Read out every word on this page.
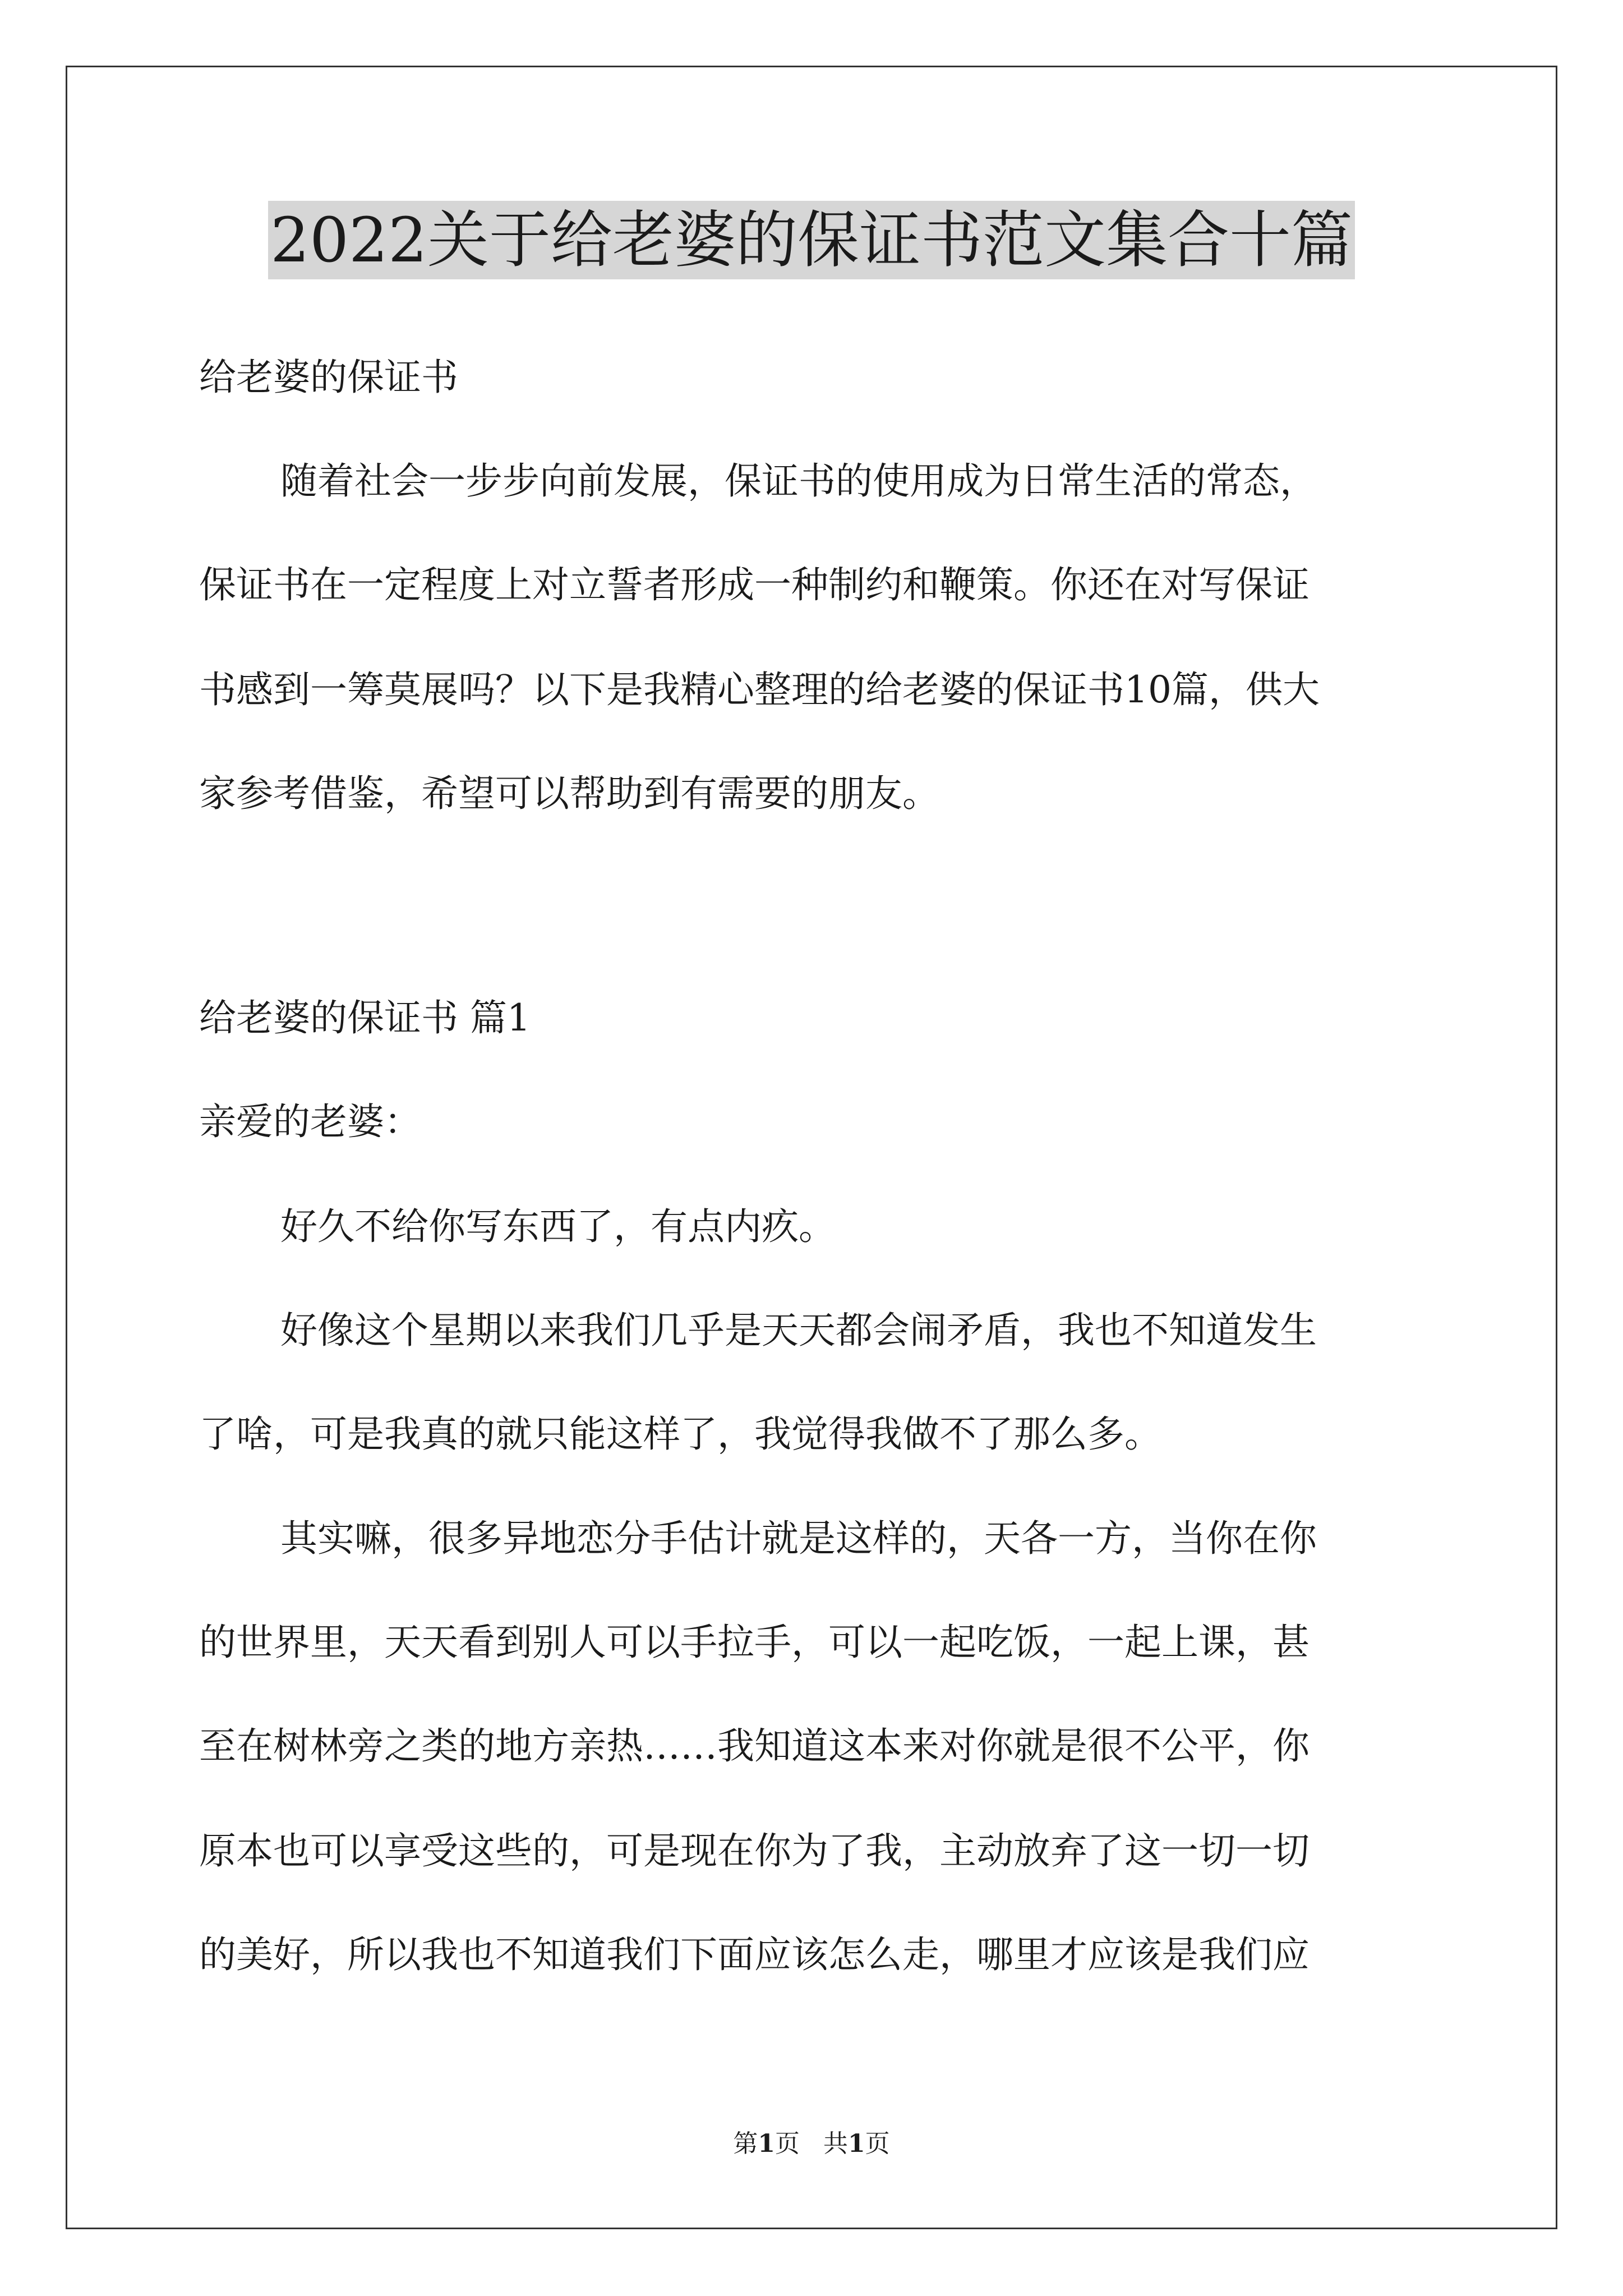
2022关于给老婆的保证书范文集合十篇

给老婆的保证书

随着社会一步步向前发展，保证书的使用成为日常生活的常态，

保证书在一定程度上对立誓者形成一种制约和鞭策。你还在对写保证

书感到一筹莫展吗？以下是我精心整理的给老婆的保证书10篇，供大

家参考借鉴，希望可以帮助到有需要的朋友。

给老婆的保证书 篇1

亲爱的老婆：

好久不给你写东西了，有点内疚。

好像这个星期以来我们几乎是天天都会闹矛盾，我也不知道发生

了啥，可是我真的就只能这样了，我觉得我做不了那么多。

其实嘛，很多异地恋分手估计就是这样的，天各一方，当你在你

的世界里，天天看到别人可以手拉手，可以一起吃饭，一起上课，甚

至在树林旁之类的地方亲热……我知道这本来对你就是很不公平，你

原本也可以享受这些的，可是现在你为了我，主动放弃了这一切一切

的美好，所以我也不知道我们下面应该怎么走，哪里才应该是我们应

第1页 共1页
